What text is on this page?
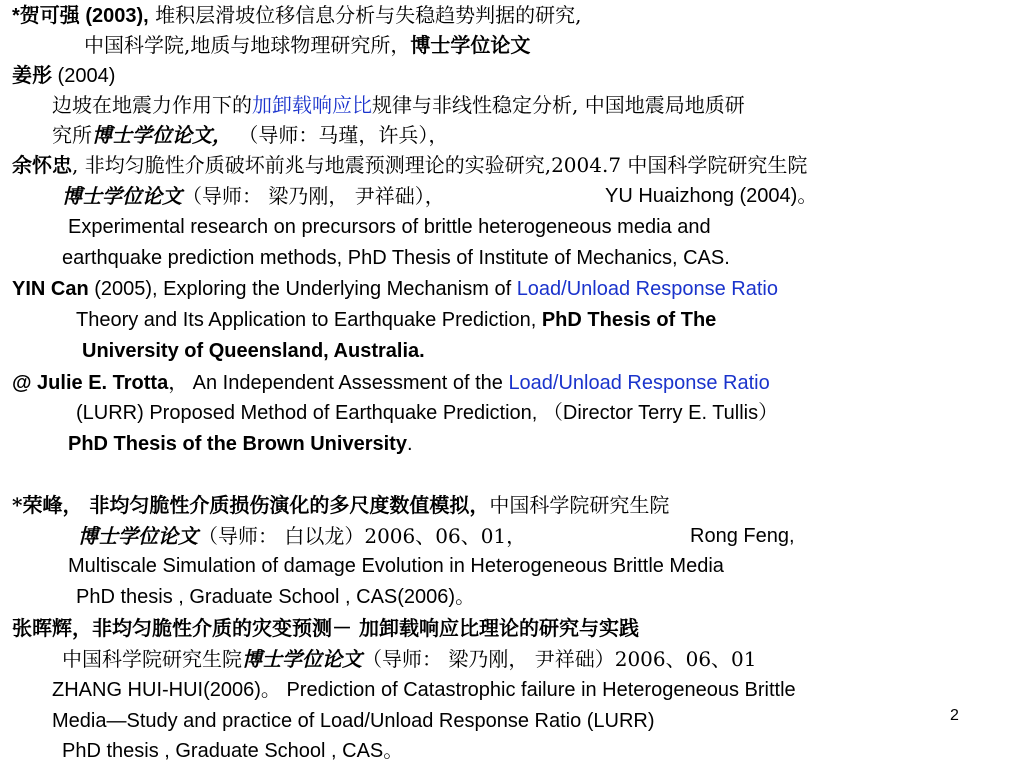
*贺可强 (2003), 堆积层滑坡位移信息分析与失稳趋势判据的研究,
中国科学院,地质与地球物理研究所，博士学位论文
姜彤 (2004)
边坡在地震力作用下的加卸载响应比规律与非线性稳定分析, 中国地震局地质研
究所博士学位论文， （导师：马瑾，许兵），
余怀忠, 非均匀脆性介质破坏前兆与地震预测理论的实验研究,2004.7 中国科学院研究生院
博士学位论文（导师： 梁乃刚， 尹祥础），	YU Huaizhong (2004)。
Experimental research on precursors of brittle heterogeneous media and
earthquake prediction methods, PhD Thesis of Institute of Mechanics, CAS.
YIN Can (2005), Exploring the Underlying Mechanism of Load/Unload Response Ratio
Theory and Its Application to Earthquake Prediction, PhD Thesis of The
University of Queensland, Australia.
@ Julie E. Trotta， An Independent Assessment of the Load/Unload Response Ratio
(LURR) Proposed Method of Earthquake Prediction, （Director Terry E. Tullis）
PhD Thesis of the Brown University.
*荣峰， 非均匀脆性介质损伤演化的多尺度数值模拟，中国科学院研究生院
博士学位论文（导师： 白以龙）2006、06、01，	Rong Feng,
Multiscale Simulation of damage Evolution in Heterogeneous Brittle Media
PhD thesis , Graduate School , CAS(2006)。
张晖辉，非均匀脆性介质的灾变预测－ 加卸载响应比理论的研究与实践
中国科学院研究生院博士学位论文（导师： 梁乃刚， 尹祥础）2006、06、01
ZHANG HUI-HUI(2006)。 Prediction of Catastrophic failure in Heterogeneous Brittle
Media—Study and practice of Load/Unload Response Ratio (LURR)
PhD thesis , Graduate School , CAS。
2
